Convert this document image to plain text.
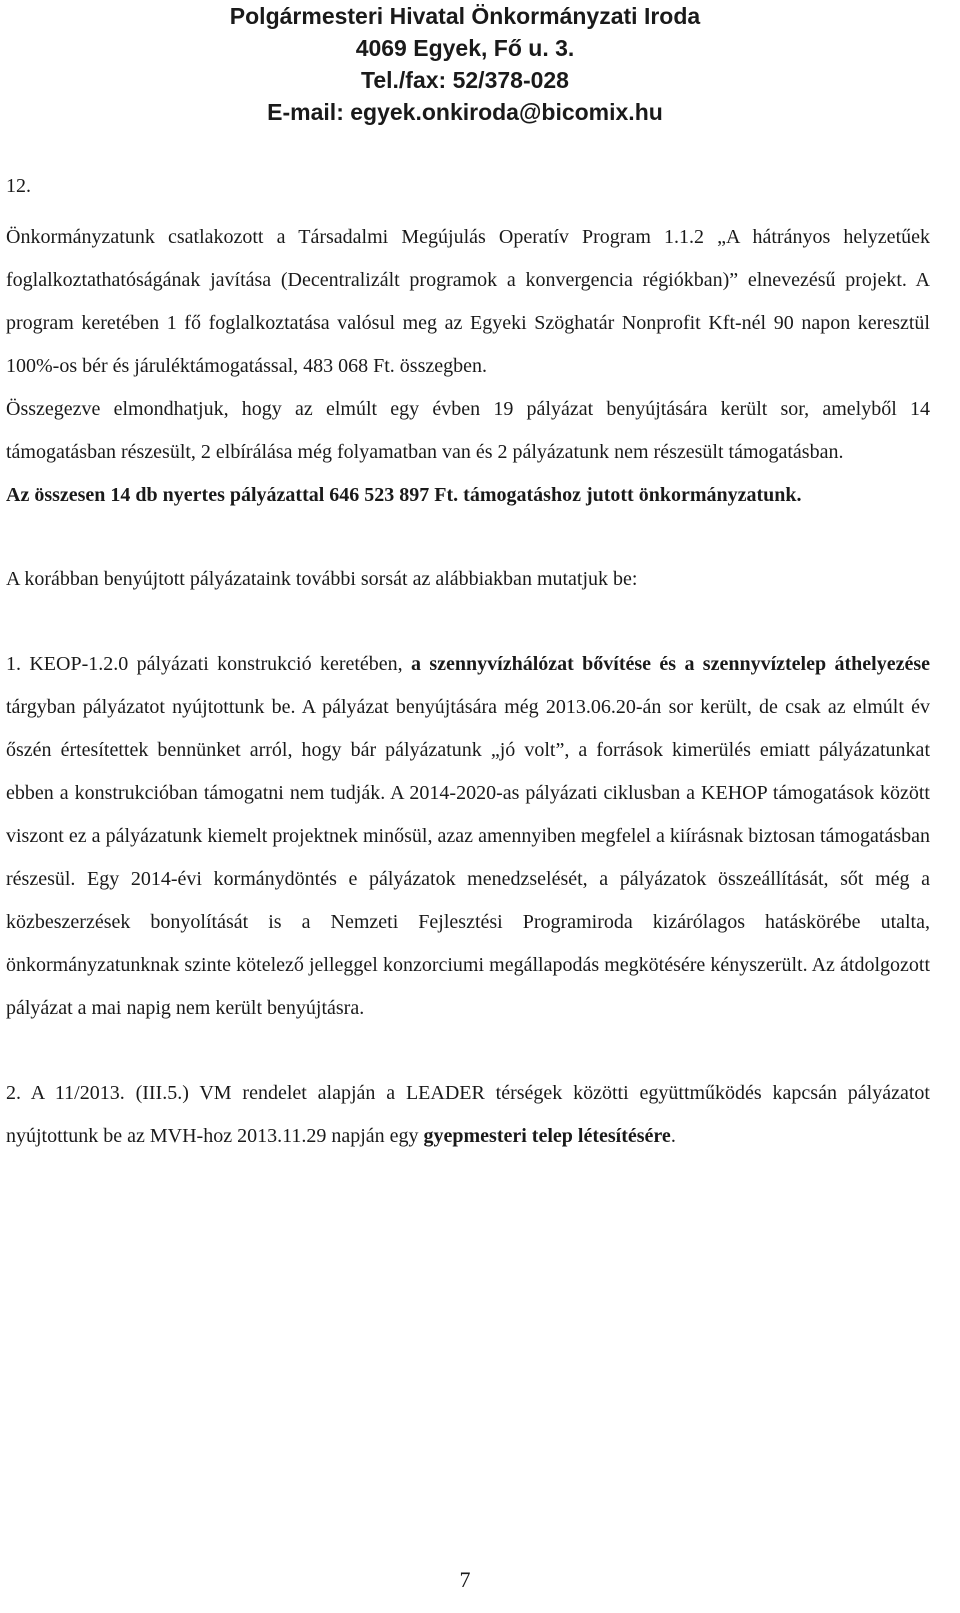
Polgármesteri Hivatal Önkormányzati Iroda
4069 Egyek, Fő u. 3.
Tel./fax: 52/378-028
E-mail: egyek.onkiroda@bicomix.hu
12.

Önkormányzatunk csatlakozott a Társadalmi Megújulás Operatív Program 1.1.2 „A hátrányos helyzetűek foglalkoztathatóságának javítása (Decentralizált programok a konvergencia régiókban)” elnevezésű projekt. A program keretében 1 fő foglalkoztatása valósul meg az Egyeki Szöghatár Nonprofit Kft-nél 90 napon keresztül 100%-os bér és járuléktámogatással, 483 068 Ft. összegben.

Összegezve elmondhatjuk, hogy az elmúlt egy évben 19 pályázat benyújtására került sor, amelyből 14 támogatásban részesült, 2 elbírálása még folyamatban van és 2 pályázatunk nem részesült támogatásban.

Az összesen 14 db nyertes pályázattal 646 523 897 Ft. támogatáshoz jutott önkormányzatunk.

A korábban benyújtott pályázataink további sorsát az alábbiakban mutatjuk be:

1. KEOP-1.2.0 pályázati konstrukció keretében, a szennyvízhálózat bővítése és a szennyvíztelep áthelyezése tárgyban pályázatot nyújtottunk be. A pályázat benyújtására még 2013.06.20-án sor került, de csak az elmúlt év őszén értesítettek bennünket arról, hogy bár pályázatunk „jó volt”, a források kimerülés emiatt pályázatunkat ebben a konstrukcióban támogatni nem tudják. A 2014-2020-as pályázati ciklusban a KEHOP támogatások között viszont ez a pályázatunk kiemelt projektnek minősül, azaz amennyiben megfelel a kiírásnak biztosan támogatásban részesül. Egy 2014-évi kormánydöntés e pályázatok menedzselését, a pályázatok összeállítását, sőt még a közbeszerzések bonyolítását is a Nemzeti Fejlesztési Programiroda kizárólagos hatáskörébe utalta, önkormányzatunknak szinte kötelező jelleggel konzorciumi megállapodás megkötésére kényszerült. Az átdolgozott pályázat a mai napig nem került benyújtásra.

2. A 11/2013. (III.5.) VM rendelet alapján a LEADER térségek közötti együttműködés kapcsán pályázatot nyújtottunk be az MVH-hoz 2013.11.29 napján egy gyepmesteri telep létesítésére.

7
